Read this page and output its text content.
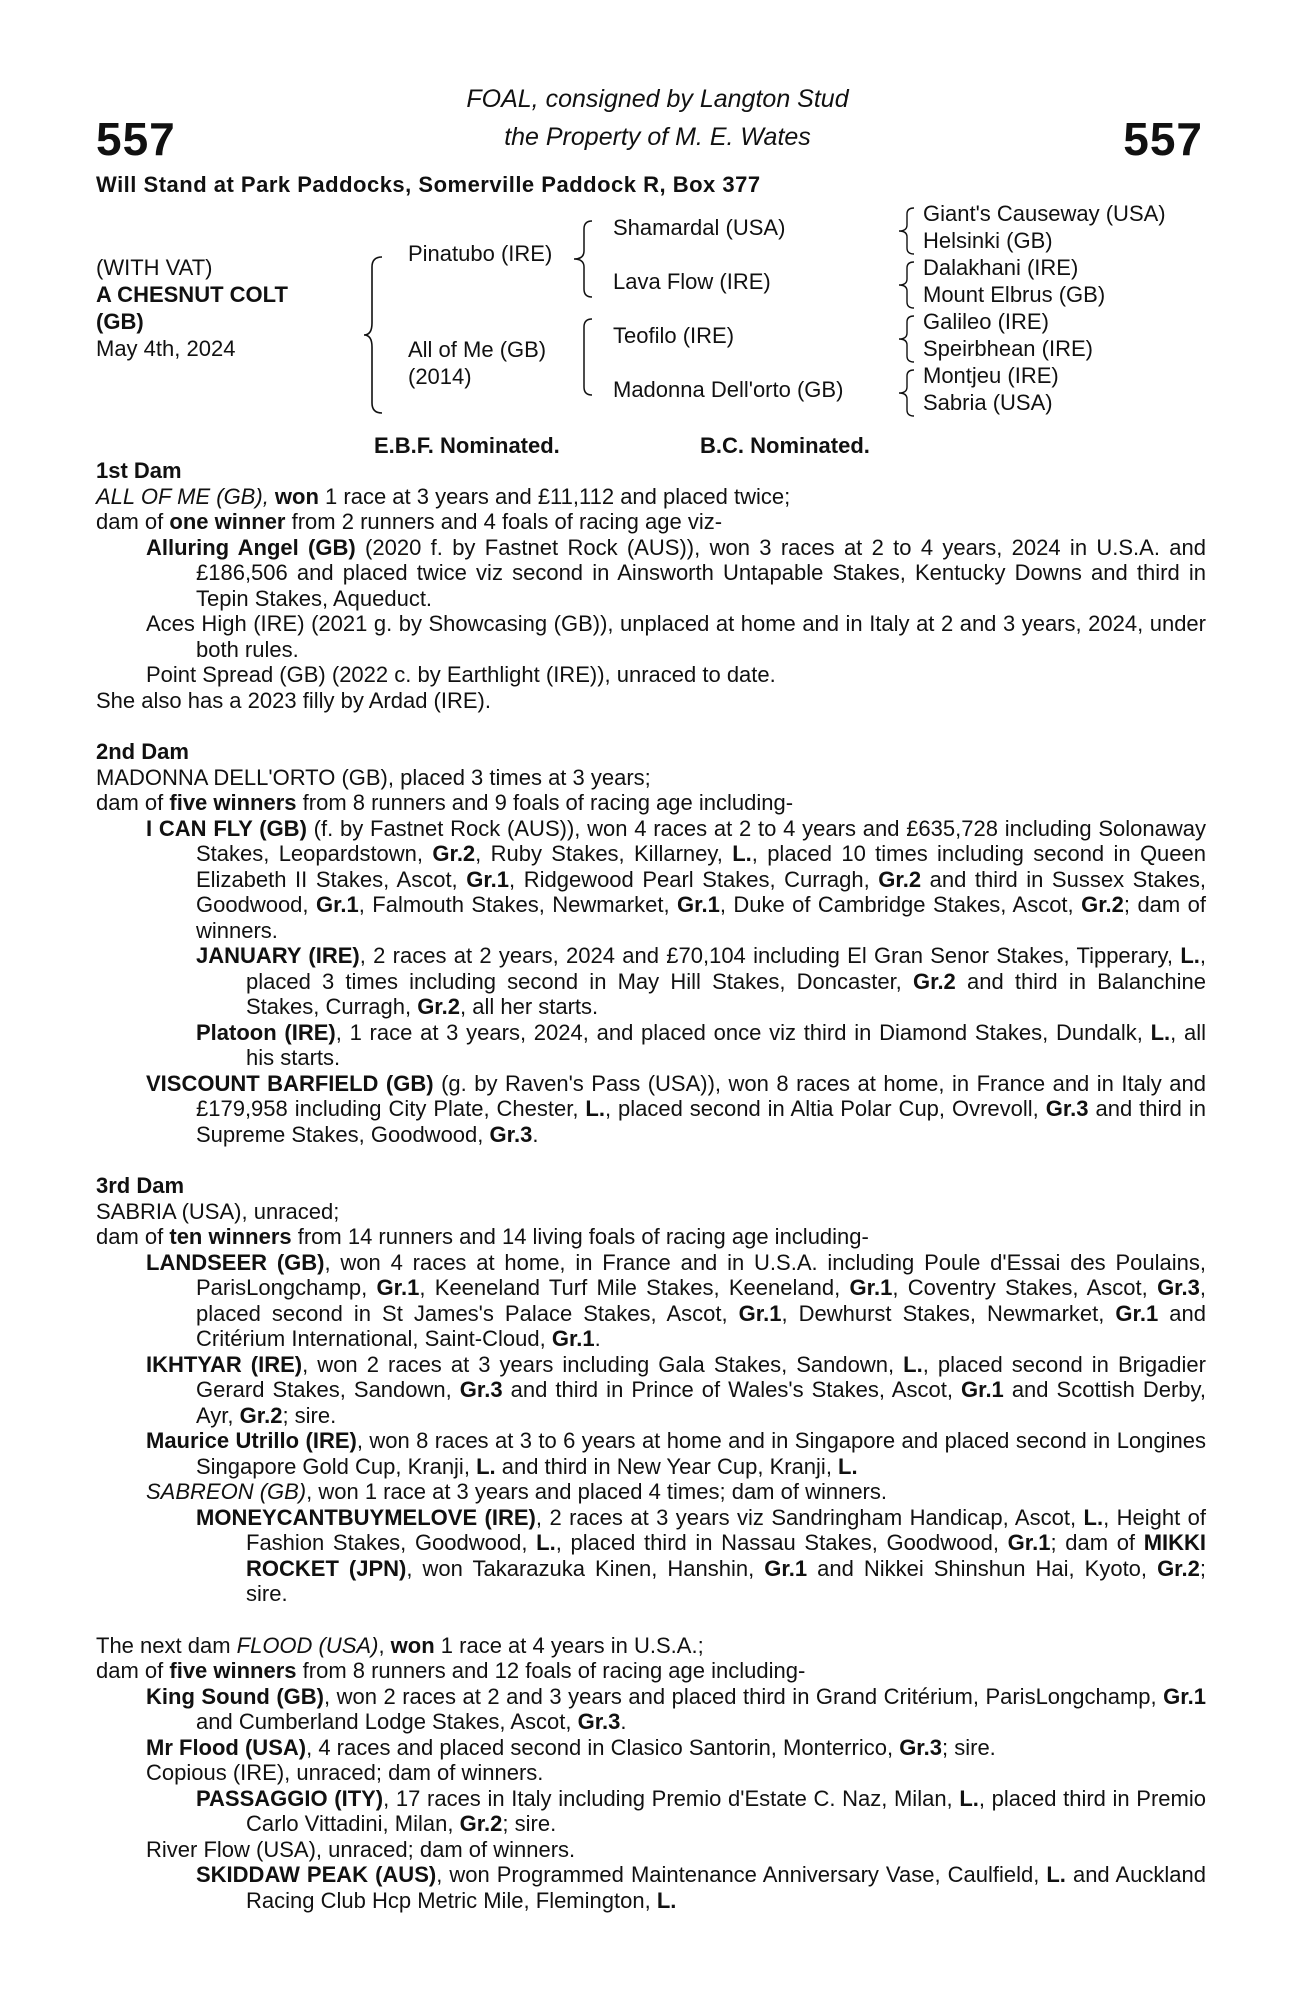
557	557
FOAL, consigned by Langton Stud
the Property of M. E. Wates
Will Stand at Park Paddocks, Somerville Paddock R, Box 377
(WITH VAT)
A CHESNUT COLT
(GB)
May 4th, 2024
Pinatubo (IRE)
All of Me (GB)
(2014)
Shamardal (USA)
Lava Flow (IRE)
Teofilo (IRE)
Madonna Dell'orto (GB)
Giant's Causeway (USA)
Helsinki (GB)
Dalakhani (IRE)
Mount Elbrus (GB)
Galileo (IRE)
Speirbhean (IRE)
Montjeu (IRE)
Sabria (USA)
E.B.F. Nominated.	B.C. Nominated.
1st Dam
ALL OF ME (GB), won 1 race at 3 years and £11,112 and placed twice;
dam of one winner from 2 runners and 4 foals of racing age viz-
Alluring Angel (GB) (2020 f. by Fastnet Rock (AUS)), won 3 races at 2 to 4 years, 2024 in U.S.A. and £186,506 and placed twice viz second in Ainsworth Untapable Stakes, Kentucky Downs and third in Tepin Stakes, Aqueduct.
Aces High (IRE) (2021 g. by Showcasing (GB)), unplaced at home and in Italy at 2 and 3 years, 2024, under both rules.
Point Spread (GB) (2022 c. by Earthlight (IRE)), unraced to date.
She also has a 2023 filly by Ardad (IRE).
2nd Dam
MADONNA DELL'ORTO (GB), placed 3 times at 3 years;
dam of five winners from 8 runners and 9 foals of racing age including-
I CAN FLY (GB) (f. by Fastnet Rock (AUS)), won 4 races at 2 to 4 years and £635,728 including Solonaway Stakes, Leopardstown, Gr.2, Ruby Stakes, Killarney, L., placed 10 times including second in Queen Elizabeth II Stakes, Ascot, Gr.1, Ridgewood Pearl Stakes, Curragh, Gr.2 and third in Sussex Stakes, Goodwood, Gr.1, Falmouth Stakes, Newmarket, Gr.1, Duke of Cambridge Stakes, Ascot, Gr.2; dam of winners.
JANUARY (IRE), 2 races at 2 years, 2024 and £70,104 including El Gran Senor Stakes, Tipperary, L., placed 3 times including second in May Hill Stakes, Doncaster, Gr.2 and third in Balanchine Stakes, Curragh, Gr.2, all her starts.
Platoon (IRE), 1 race at 3 years, 2024, and placed once viz third in Diamond Stakes, Dundalk, L., all his starts.
VISCOUNT BARFIELD (GB) (g. by Raven's Pass (USA)), won 8 races at home, in France and in Italy and £179,958 including City Plate, Chester, L., placed second in Altia Polar Cup, Ovrevoll, Gr.3 and third in Supreme Stakes, Goodwood, Gr.3.
3rd Dam
SABRIA (USA), unraced;
dam of ten winners from 14 runners and 14 living foals of racing age including-
LANDSEER (GB), won 4 races at home, in France and in U.S.A. including Poule d'Essai des Poulains, ParisLongchamp, Gr.1, Keeneland Turf Mile Stakes, Keeneland, Gr.1, Coventry Stakes, Ascot, Gr.3, placed second in St James's Palace Stakes, Ascot, Gr.1, Dewhurst Stakes, Newmarket, Gr.1 and Critérium International, Saint-Cloud, Gr.1.
IKHTYAR (IRE), won 2 races at 3 years including Gala Stakes, Sandown, L., placed second in Brigadier Gerard Stakes, Sandown, Gr.3 and third in Prince of Wales's Stakes, Ascot, Gr.1 and Scottish Derby, Ayr, Gr.2; sire.
Maurice Utrillo (IRE), won 8 races at 3 to 6 years at home and in Singapore and placed second in Longines Singapore Gold Cup, Kranji, L. and third in New Year Cup, Kranji, L.
SABREON (GB), won 1 race at 3 years and placed 4 times; dam of winners.
MONEYCANTBUYMELOVE (IRE), 2 races at 3 years viz Sandringham Handicap, Ascot, L., Height of Fashion Stakes, Goodwood, L., placed third in Nassau Stakes, Goodwood, Gr.1; dam of MIKKI ROCKET (JPN), won Takarazuka Kinen, Hanshin, Gr.1 and Nikkei Shinshun Hai, Kyoto, Gr.2; sire.
The next dam FLOOD (USA), won 1 race at 4 years in U.S.A.;
dam of five winners from 8 runners and 12 foals of racing age including-
King Sound (GB), won 2 races at 2 and 3 years and placed third in Grand Critérium, ParisLongchamp, Gr.1 and Cumberland Lodge Stakes, Ascot, Gr.3.
Mr Flood (USA), 4 races and placed second in Clasico Santorin, Monterrico, Gr.3; sire.
Copious (IRE), unraced; dam of winners.
PASSAGGIO (ITY), 17 races in Italy including Premio d'Estate C. Naz, Milan, L., placed third in Premio Carlo Vittadini, Milan, Gr.2; sire.
River Flow (USA), unraced; dam of winners.
SKIDDAW PEAK (AUS), won Programmed Maintenance Anniversary Vase, Caulfield, L. and Auckland Racing Club Hcp Metric Mile, Flemington, L.
